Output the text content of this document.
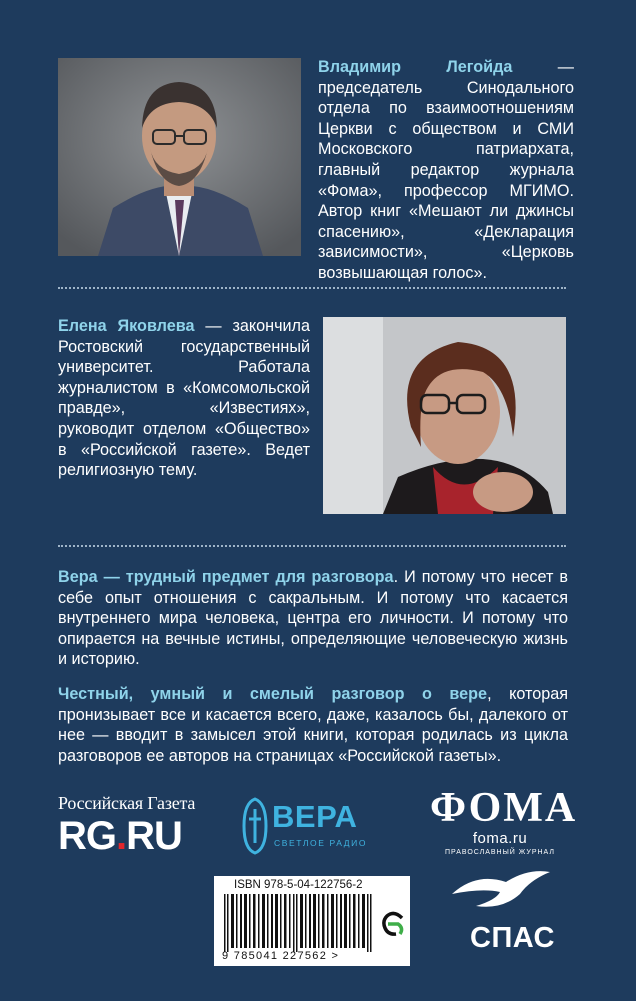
Владимир Легойда — председатель Синодального отдела по взаимоотношениям Церкви с обществом и СМИ Московского патриархата, главный редактор журнала «Фома», профессор МГИМО. Автор книг «Мешают ли джинсы спасению», «Декларация зависимости», «Церковь возвышающая голос».

Елена Яковлева — закончила Ростовский государственный университет. Работала журналистом в «Комсомольской правде», «Известиях», руководит отделом «Общество» в «Российской газете». Ведет религиозную тему.

Вера — трудный предмет для разговора. И потому что несет в себе опыт отношения с сакральным. И потому что касается внутреннего мира человека, центра его личности. И потому что опирается на вечные истины, определяющие человеческую жизнь и историю.

Честный, умный и смелый разговор о вере, которая пронизывает все и касается всего, даже, казалось бы, далекого от нее — вводит в замысел этой книги, которая родилась из цикла разговоров ее авторов на страницах «Российской газеты».

Российская Газета
RG.RU	ВЕРА
СВЕТЛОЕ РАДИО
ФОМА
foma.ru
ПРАВОСЛАВНЫЙ ЖУРНАЛ
ISBN 978-5-04-122756-2
9 785041 227562 >
СПАС
